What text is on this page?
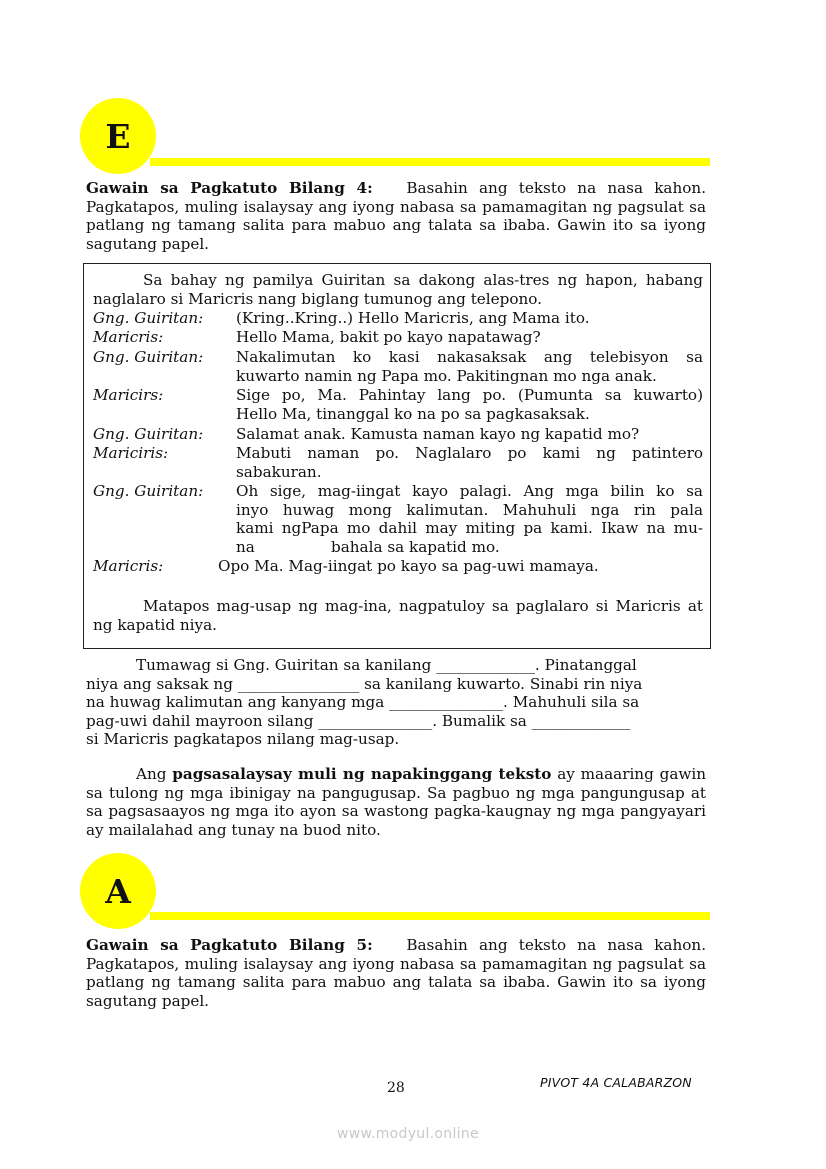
E

Gawain sa Pagkatuto Bilang 4: Basahin ang teksto na nasa kahon. Pagkatapos, muling isalaysay ang iyong nabasa sa pamamagitan ng pagsulat sa patlang ng tamang salita para mabuo ang talata sa ibaba. Gawin ito sa iyong sagutang papel.

Sa bahay ng pamilya Guiritan sa dakong alas-tres ng hapon, habang naglalaro si Maricris nang biglang tumunog ang telepono.

Gng. Guiritan: (Kring..Kring..) Hello Maricris, ang Mama ito.
Maricris:	Hello Mama, bakit po kayo napatawag?
Gng. Guiritan: Nakalimutan ko kasi nakasaksak ang telebisyon sa
kuwarto namin ng Papa mo. Pakitingnan mo nga anak.
Maricirs:	Sige po, Ma. Pahintay lang po. (Pumunta sa kuwarto)
Hello Ma, tinanggal ko na po sa pagkasaksak.
Gng. Guiritan: Salamat anak. Kamusta naman kayo ng kapatid mo?
Mariciris:	Mabuti naman po. Naglalaro po kami ng patintero
sabakuran.
Gng. Guiritan: Oh sige, mag-iingat kayo palagi. Ang mga bilin ko sa
inyo huwag mong kalimutan. Mahuhuli nga rin pala
kami ngPapa mo dahil may miting pa kami. Ikaw na mu-
na	bahala sa kapatid mo.
Maricris:	Opo Ma. Mag-iingat po kayo sa pag-uwi mamaya.

Matapos mag-usap ng mag-ina, nagpatuloy sa paglalaro si Maricris at ng kapatid niya.

Tumawag si Gng. Guiritan sa kanilang _____________. Pinatanggal
niya ang saksak ng ________________ sa kanilang kuwarto. Sinabi rin niya
na huwag kalimutan ang kanyang mga _______________. Mahuhuli sila sa
pag-uwi dahil mayroon silang _______________. Bumalik sa _____________
si Maricris pagkatapos nilang mag-usap.

Ang pagsasalaysay muli ng napakinggang teksto ay maaaring gawin sa tulong ng mga ibinigay na pangugusap. Sa pagbuo ng mga pangungusap at sa pagsasaayos ng mga ito ayon sa wastong pagka-kaugnay ng mga pangyayari ay mailalahad ang tunay na buod nito.

A

Gawain sa Pagkatuto Bilang 5: Basahin ang teksto na nasa kahon. Pagkatapos, muling isalaysay ang iyong nabasa sa pamamagitan ng pagsulat sa patlang ng tamang salita para mabuo ang talata sa ibaba. Gawin ito sa iyong sagutang papel.

28	PIVOT 4A CALABARZON
www.modyul.online
